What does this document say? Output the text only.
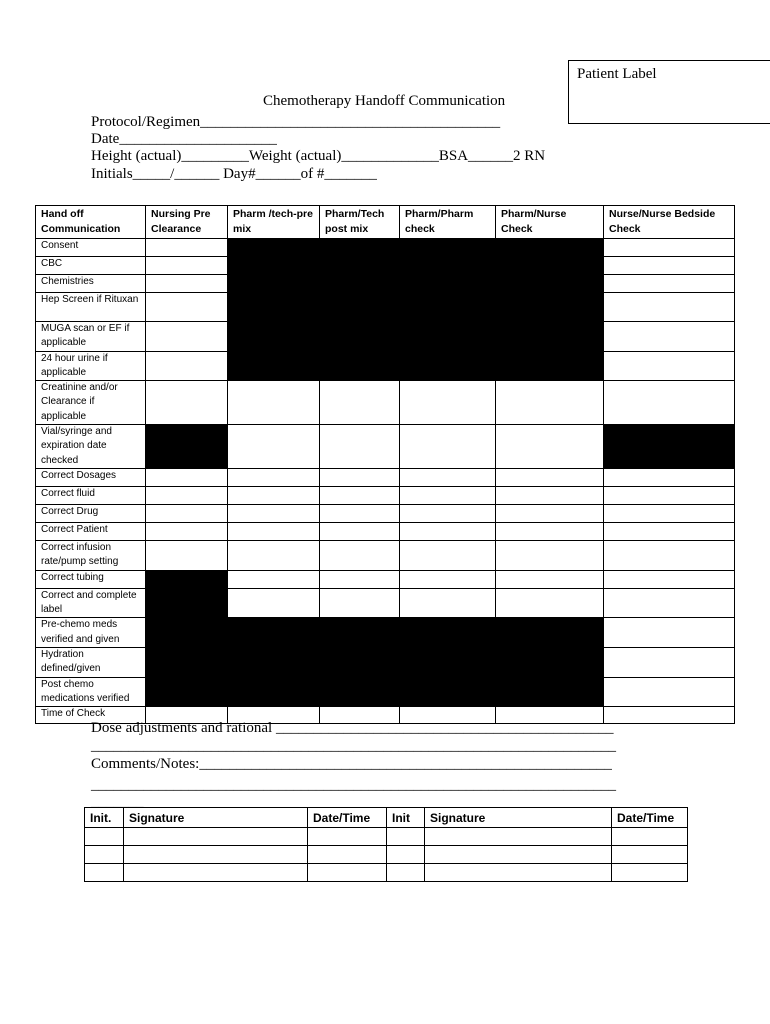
Patient Label
Chemotherapy Handoff Communication
Protocol/Regimen________________________________________
Date_____________________
Height (actual)_________Weight (actual)_____________BSA______2 RN
Initials_____/______ Day#______of #_______
Hand off Communication	Nursing Pre Clearance	Pharm /tech-pre mix	Pharm/Tech post mix	Pharm/Pharm check	Pharm/Nurse Check	Nurse/Nurse Bedside Check
Consent						
CBC						
Chemistries						
Hep Screen if Rituxan						
MUGA scan or EF if applicable						
24 hour urine if applicable						
Creatinine and/or Clearance if applicable						
Vial/syringe and expiration date checked						
Correct Dosages						
Correct fluid						
Correct Drug						
Correct Patient						
Correct infusion rate/pump setting						
Correct tubing						
Correct and complete label						
Pre-chemo meds verified and given						
Hydration defined/given						
Post chemo medications verified						
Time of Check						
Dose adjustments and rational _____________________________________________
______________________________________________________________________
Comments/Notes:_______________________________________________________
______________________________________________________________________
_______
Init.	Signature	Date/Time	Init	Signature	Date/Time
